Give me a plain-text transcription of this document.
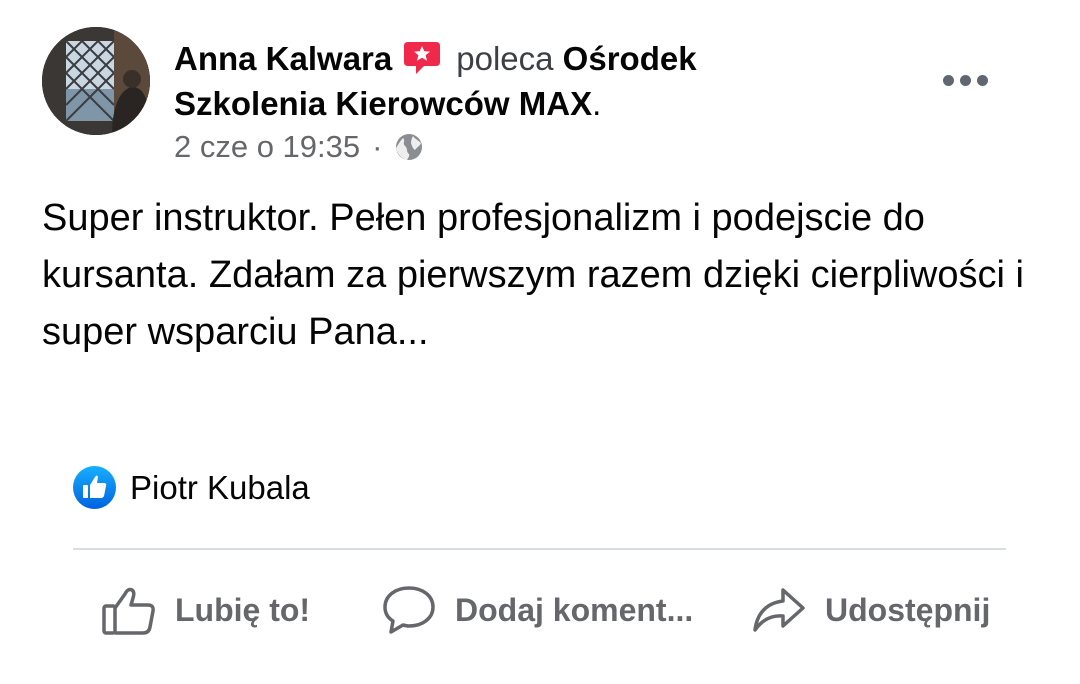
Anna Kalwara poleca Ośrodek
Szkolenia Kierowców MAX.
2 cze o 19:35 ·
Super instruktor. Pełen profesjonalizm i podejscie do kursanta. Zdałam za pierwszym razem dzięki cierpliwości i super wsparciu Pana...
Piotr Kubala
Lubię to!	Dodaj koment...	Udostępnij
